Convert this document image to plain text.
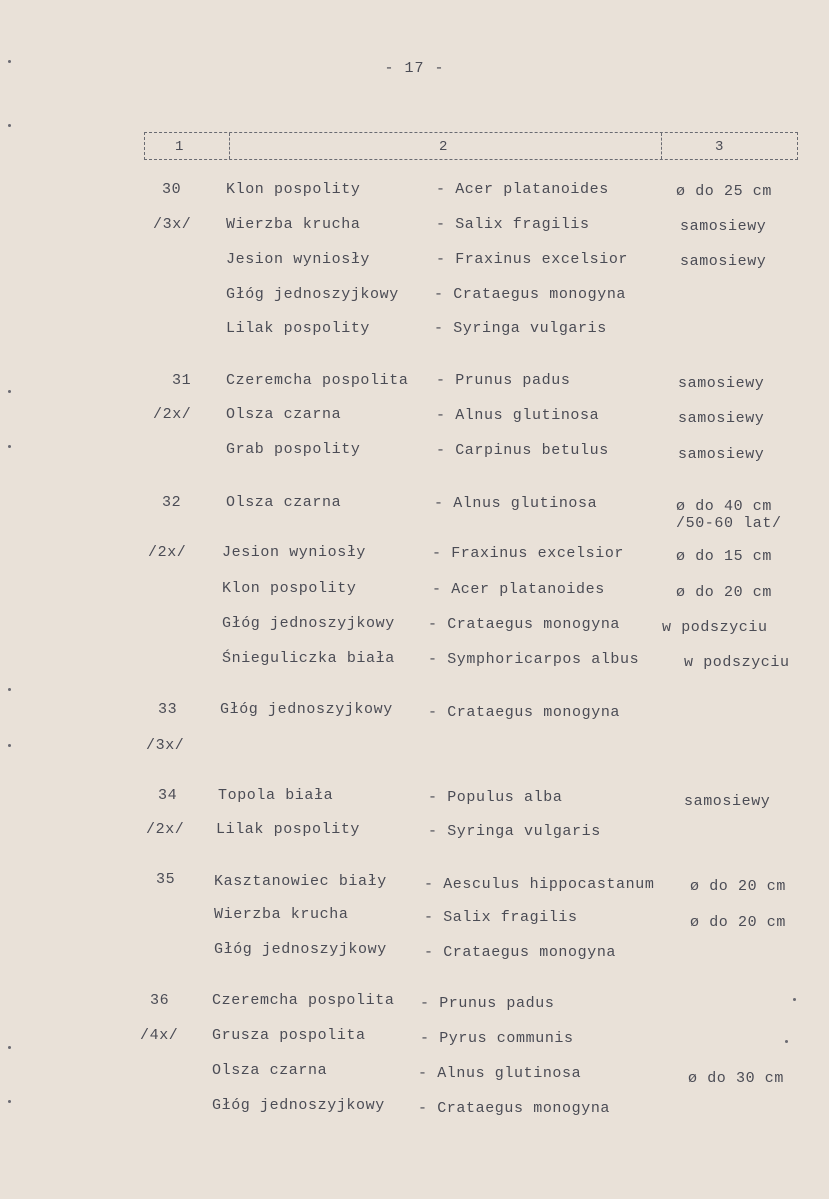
- 17 -
1	2	3
30
/3x/
Klon pospolity	- Acer platanoides	ø do 25 cm
Wierzba krucha	- Salix fragilis	samosiewy
Jesion wyniosły	- Fraxinus excelsior	samosiewy
Głóg jednoszyjkowy - Crataegus monogyna
Lilak pospolity	- Syringa vulgaris
31
/2x/
Czeremcha pospolita - Prunus padus	samosiewy
Olsza czarna	- Alnus glutinosa	samosiewy
Grab pospolity	- Carpinus betulus	samosiewy
32
/2x/
Olsza czarna	- Alnus glutinosa	ø do 40 cm
/50-60 lat/
Jesion wyniosły	- Fraxinus excelsior	ø do 15 cm
Klon pospolity	- Acer platanoides	ø do 20 cm
Głóg jednoszyjkowy - Crataegus monogyna	w podszyciu
Śnieguliczka biała - Symphoricarpos albus	w podszyciu
33
/3x/
Głóg jednoszyjkowy - Crataegus monogyna
34
/2x/
Topola biała	- Populus alba	samosiewy
Lilak pospolity	- Syringa vulgaris
35	Kasztanowiec biały - Aesculus hippocastanum ø do 20 cm
Wierzba krucha	- Salix fragilis	ø do 20 cm
Głóg jednoszyjkowy - Crataegus monogyna
36
/4x/
Czeremcha pospolita - Prunus padus
Grusza pospolita	- Pyrus communis
Olsza czarna	- Alnus glutinosa	ø do 30 cm
Głóg jednoszyjkowy - Crataegus monogyna
